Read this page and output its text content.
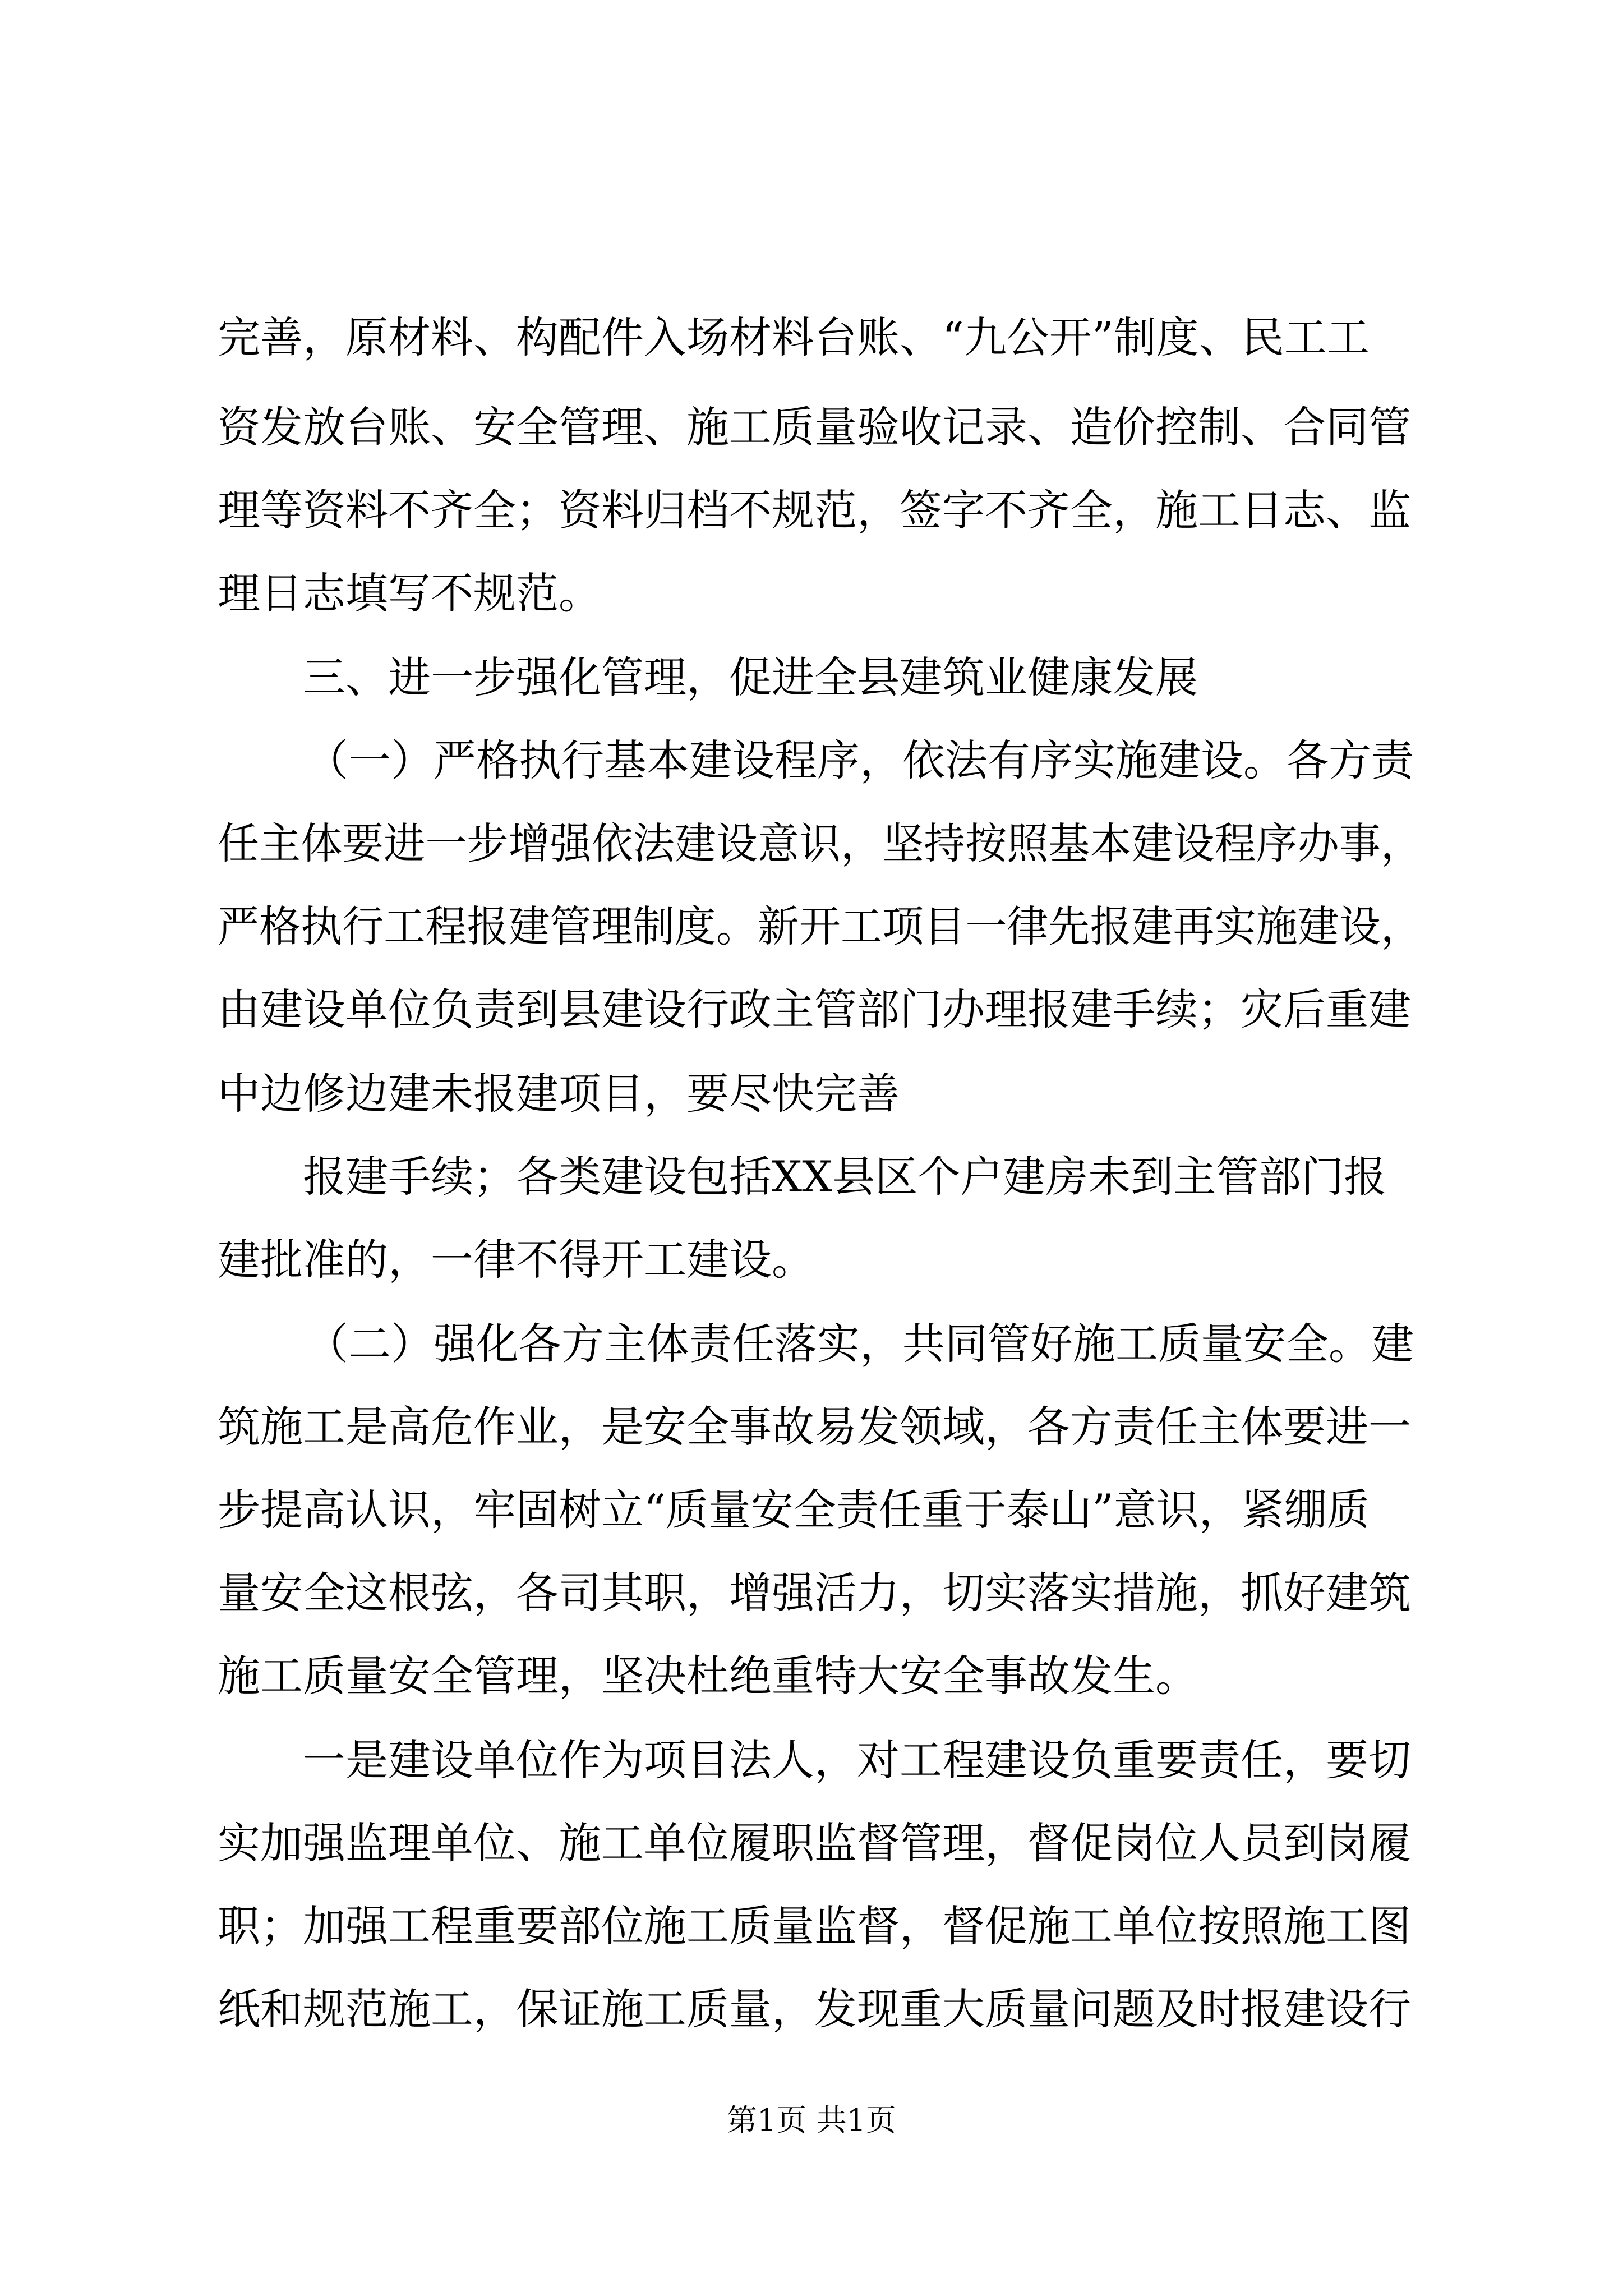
完善，原材料、构配件入场材料台账、“九公开”制度、民工工
资发放台账、安全管理、施工质量验收记录、造价控制、合同管
理等资料不齐全；资料归档不规范，签字不齐全，施工日志、监
理日志填写不规范。
三、进一步强化管理，促进全县建筑业健康发展
（一）严格执行基本建设程序，依法有序实施建设。各方责
任主体要进一步增强依法建设意识，坚持按照基本建设程序办事，
严格执行工程报建管理制度。新开工项目一律先报建再实施建设，
由建设单位负责到县建设行政主管部门办理报建手续；灾后重建
中边修边建未报建项目，要尽快完善
报建手续；各类建设包括XX县区个户建房未到主管部门报
建批准的，一律不得开工建设。
（二）强化各方主体责任落实，共同管好施工质量安全。建
筑施工是高危作业，是安全事故易发领域，各方责任主体要进一
步提高认识，牢固树立“质量安全责任重于泰山”意识，紧绷质
量安全这根弦，各司其职，增强活力，切实落实措施，抓好建筑
施工质量安全管理，坚决杜绝重特大安全事故发生。
一是建设单位作为项目法人，对工程建设负重要责任，要切
实加强监理单位、施工单位履职监督管理，督促岗位人员到岗履
职；加强工程重要部位施工质量监督，督促施工单位按照施工图
纸和规范施工，保证施工质量，发现重大质量问题及时报建设行
第1页 共1页
